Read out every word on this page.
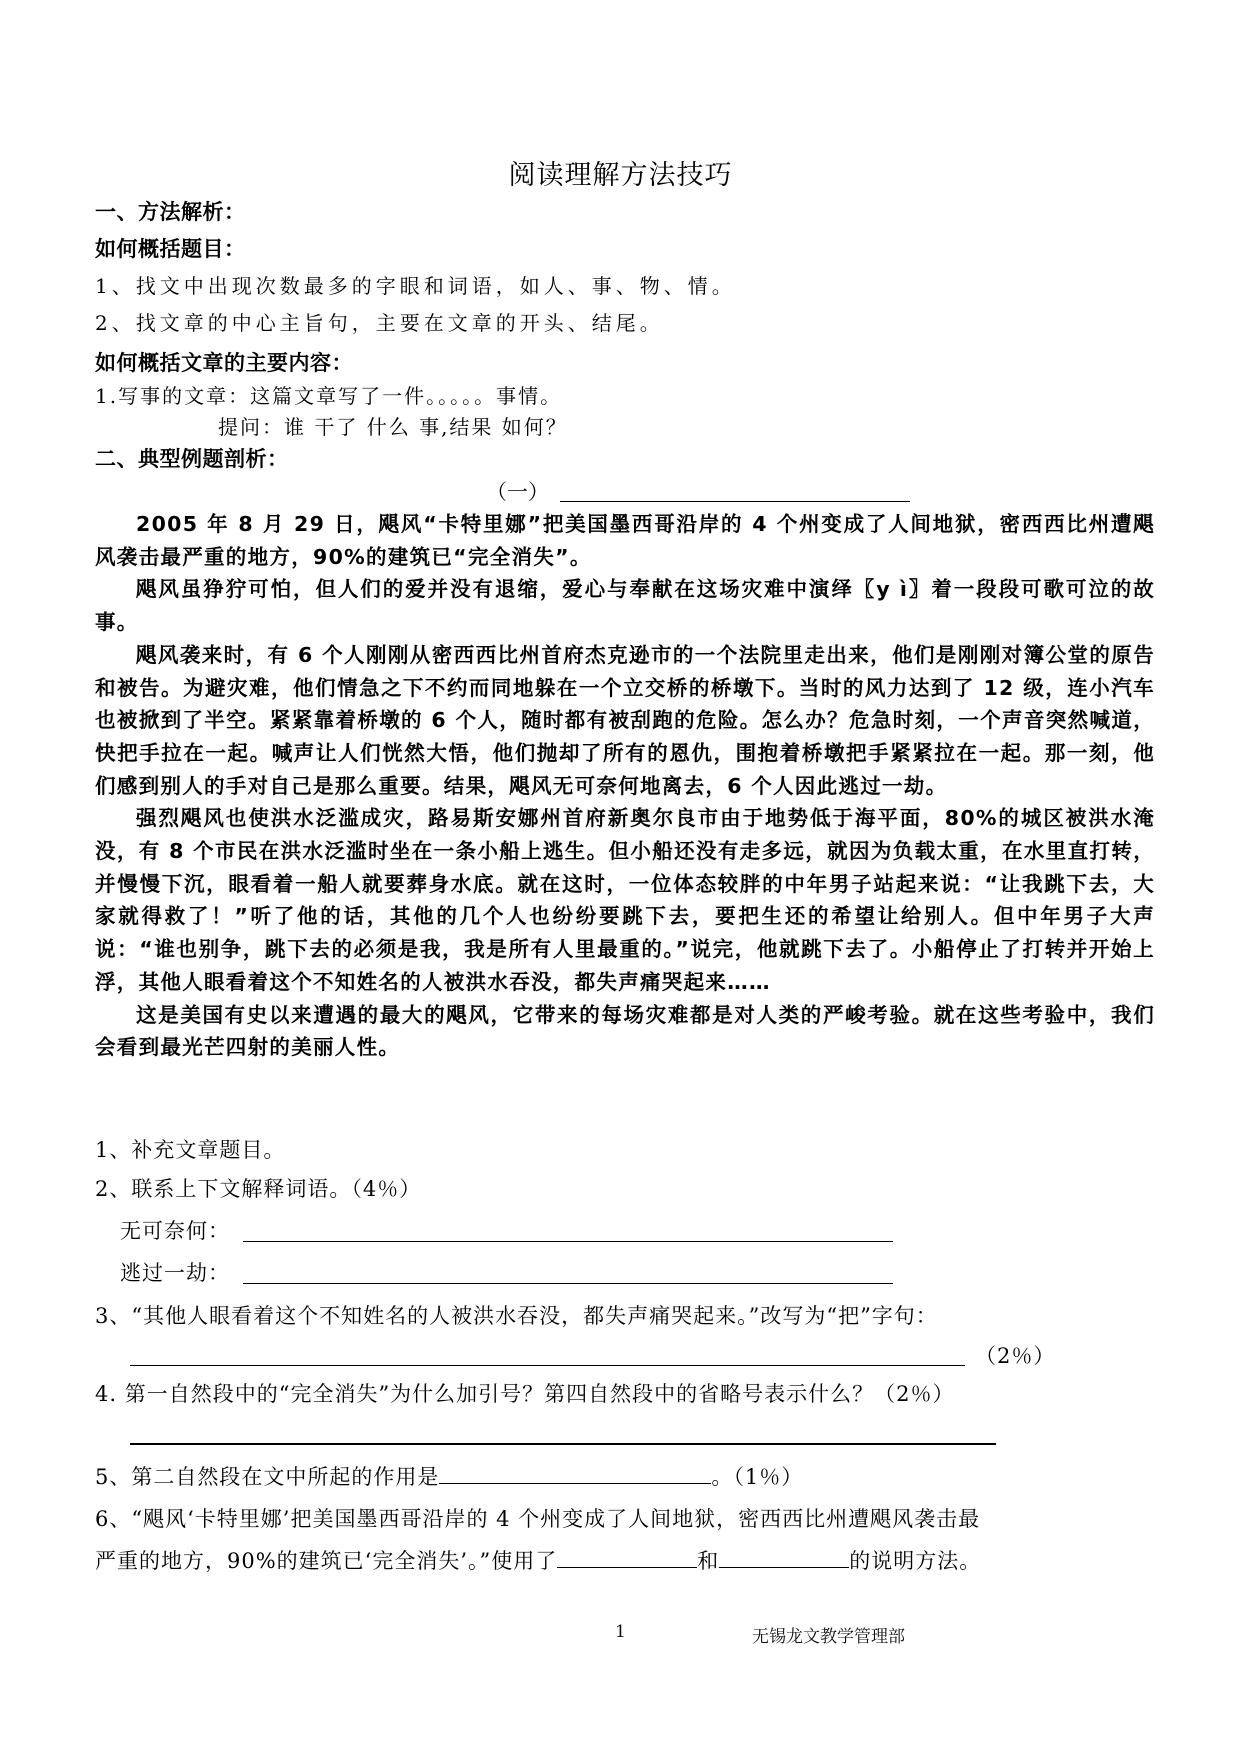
阅读理解方法技巧
一、方法解析：
如何概括题目：
1、找文中出现次数最多的字眼和词语，如人、事、物、情。
2、找文章的中心主旨句，主要在文章的开头、结尾。
如何概括文章的主要内容：
1.写事的文章：这篇文章写了一件。。。。。事情。
提问：谁 干了 什么 事,结果 如何？
二、典型例题剖析：
（一）

2005 年 8 月 29 日，飓风“卡特里娜”把美国墨西哥沿岸的 4 个州变成了人间地狱，密西西比州遭飓风袭击最严重的地方，90%的建筑已“完全消失”。

飓风虽狰狞可怕，但人们的爱并没有退缩，爱心与奉献在这场灾难中演绎〖y ì〗着一段段可歌可泣的故事。

飓风袭来时，有 6 个人刚刚从密西西比州首府杰克逊市的一个法院里走出来，他们是刚刚对簿公堂的原告和被告。为避灾难，他们情急之下不约而同地躲在一个立交桥的桥墩下。当时的风力达到了 12 级，连小汽车也被掀到了半空。紧紧靠着桥墩的 6 个人，随时都有被刮跑的危险。怎么办？危急时刻，一个声音突然喊道，快把手拉在一起。喊声让人们恍然大悟，他们抛却了所有的恩仇，围抱着桥墩把手紧紧拉在一起。那一刻，他们感到别人的手对自己是那么重要。结果，飓风无可奈何地离去，6 个人因此逃过一劫。

强烈飓风也使洪水泛滥成灾，路易斯安娜州首府新奥尔良市由于地势低于海平面，80%的城区被洪水淹没，有 8 个市民在洪水泛滥时坐在一条小船上逃生。但小船还没有走多远，就因为负载太重，在水里直打转，并慢慢下沉，眼看着一船人就要葬身水底。就在这时，一位体态较胖的中年男子站起来说：“让我跳下去，大家就得救了！”听了他的话，其他的几个人也纷纷要跳下去，要把生还的希望让给别人。但中年男子大声说：“谁也别争，跳下去的必须是我，我是所有人里最重的。”说完，他就跳下去了。小船停止了打转并开始上浮，其他人眼看着这个不知姓名的人被洪水吞没，都失声痛哭起来……

这是美国有史以来遭遇的最大的飓风，它带来的每场灾难都是对人类的严峻考验。就在这些考验中，我们会看到最光芒四射的美丽人性。

1、补充文章题目。
2、联系上下文解释词语。（4％）
无可奈何：
逃过一劫：
3、“其他人眼看着这个不知姓名的人被洪水吞没，都失声痛哭起来。”改写为“把”字句：
（2％）
4. 第一自然段中的“完全消失”为什么加引号？第四自然段中的省略号表示什么？（2％）
5、第二自然段在文中所起的作用是	。（1％）
6、“飓风‘卡特里娜’把美国墨西哥沿岸的 4 个州变成了人间地狱，密西西比州遭飓风袭击最
严重的地方，90%的建筑已‘完全消失’。”使用了	和	的说明方法。
1	无锡龙文教学管理部
